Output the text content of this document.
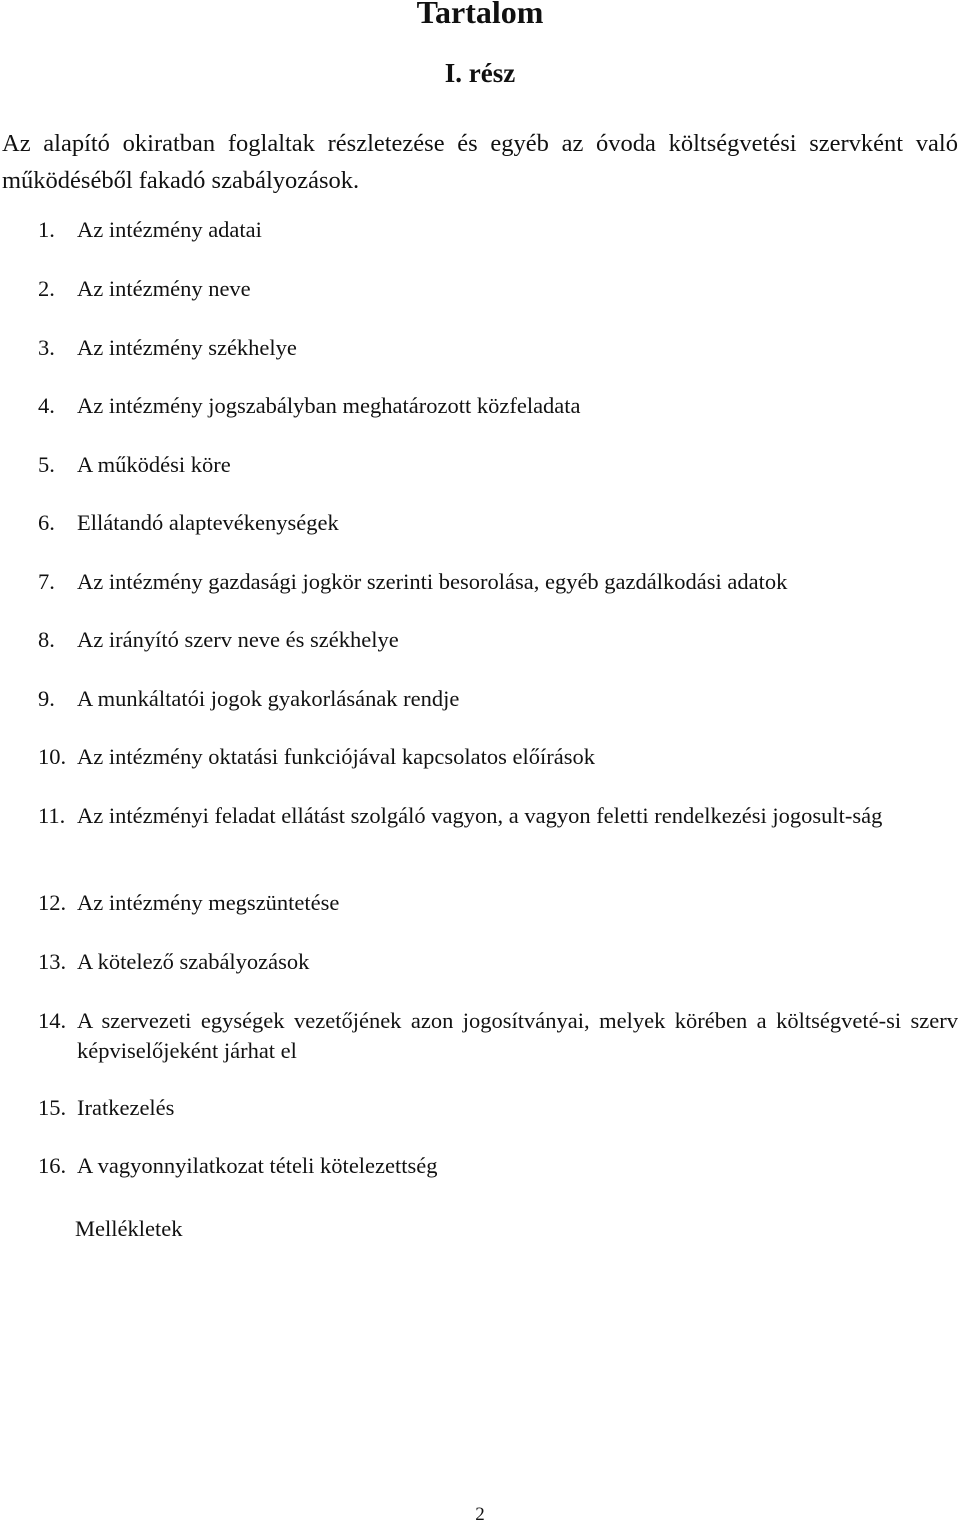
Tartalom
I. rész
Az alapító okiratban foglaltak részletezése és egyéb az óvoda költségvetési szervként való működéséből fakadó szabályozások.
1. Az intézmény adatai
2. Az intézmény neve
3. Az intézmény székhelye
4. Az intézmény jogszabályban meghatározott közfeladata
5. A működési köre
6. Ellátandó alaptevékenységek
7. Az intézmény gazdasági jogkör szerinti besorolása, egyéb gazdálkodási adatok
8. Az irányító szerv neve és székhelye
9. A munkáltatói jogok gyakorlásának rendje
10. Az intézmény oktatási funkciójával kapcsolatos előírások
11. Az intézményi feladat ellátást szolgáló vagyon, a vagyon feletti rendelkezési jogosult-ság
12. Az intézmény megszüntetése
13. A kötelező szabályozások
14. A szervezeti egységek vezetőjének azon jogosítványai, melyek körében a költségveté-si szerv képviselőjeként járhat el
15. Iratkezelés
16. A vagyonnyilatkozat tételi kötelezettség
Mellékletek
2
